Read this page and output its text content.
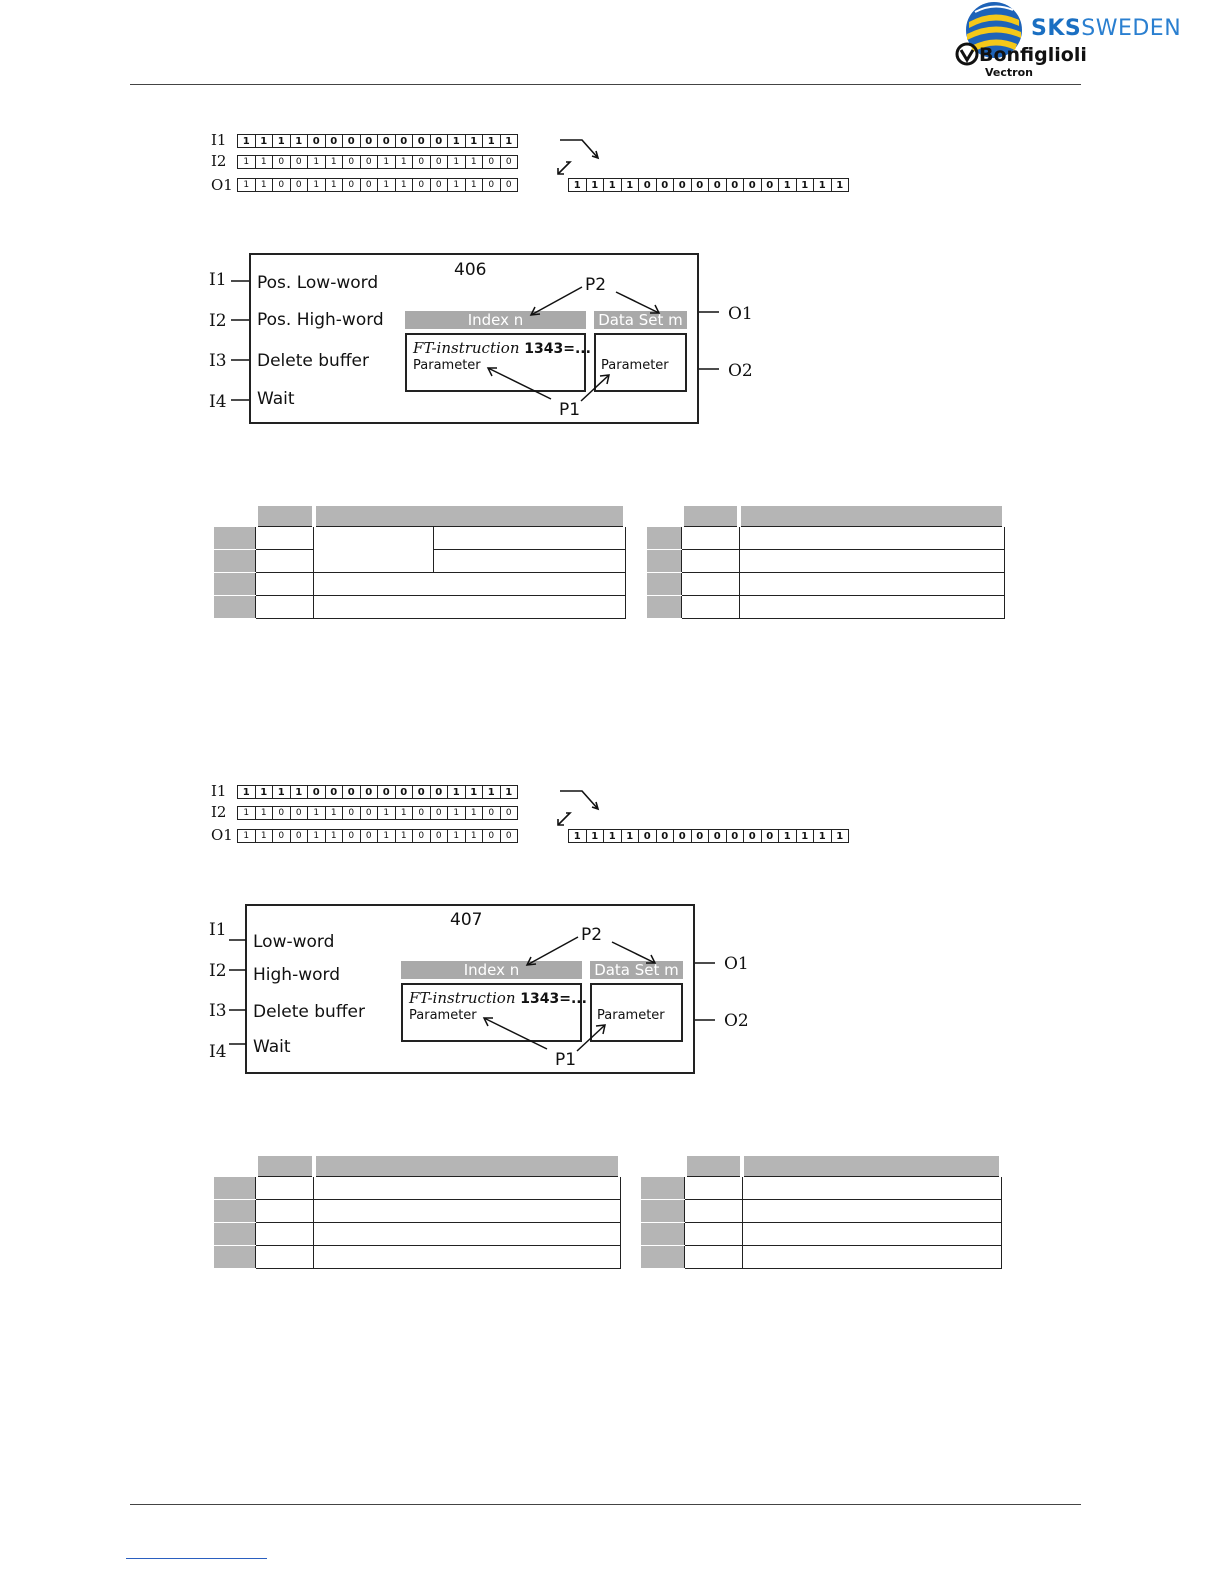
SKSSWEDEN
Bonfiglioli
Vectron
I1	1	1	1	1	0	0	0	0	0	0	0	0	1	1	1	1
I2	1	1	0	0	1	1	0	0	1	1	0	0	1	1	0	0
O1	1	1	0	0	1	1	0	0	1	1	0	0	1	1	0	0	1	1	1	1	0	0	0	0	0	0	0	0	1	1	1	1
406
Pos. Low-word
Pos. High-word
Delete buffer
Wait
P2
P1
Index n	Data Set m
FT-instruction 1343=...
Parameter	Parameter
I1
I2
I3
I4
O1
O2

I1	1	1	1	1	0	0	0	0	0	0	0	0	1	1	1	1
I2	1	1	0	0	1	1	0	0	1	1	0	0	1	1	0	0
O1	1	1	0	0	1	1	0	0	1	1	0	0	1	1	0	0	1	1	1	1	0	0	0	0	0	0	0	0	1	1	1	1
407
Low-word
High-word
Delete buffer
Wait
P2
P1
Index n	Data Set m
FT-instruction 1343=...
Parameter	Parameter
I1
I2
I3
I4
O1
O2
